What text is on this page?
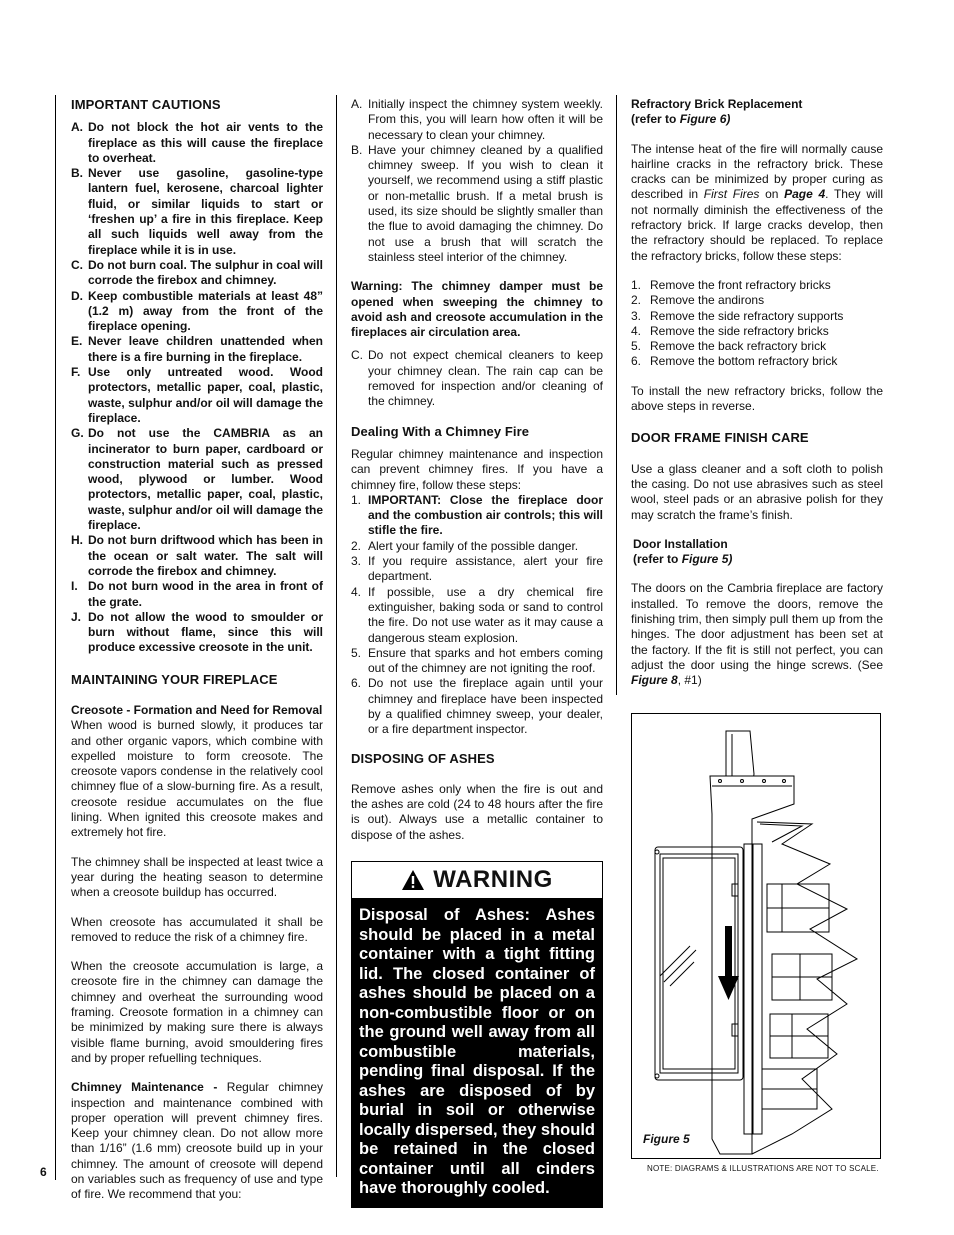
6
IMPORTANT CAUTIONS
A. Do not block the hot air vents to the fireplace as this will cause the fireplace to overheat.
B. Never use gasoline, gasoline-type lantern fuel, kerosene, charcoal lighter fluid, or similar liquids to start or ‘freshen up’ a fire in this fireplace. Keep all such liquids well away from the fireplace while it is in use.
C. Do not burn coal. The sulphur in coal will corrode the firebox and chimney.
D. Keep combustible materials at least 48” (1.2 m) away from the front of the fireplace opening.
E. Never leave children unattended when there is a fire burning in the fireplace.
F. Use only untreated wood. Wood protectors, metallic paper, coal, plastic, waste, sulphur and/or oil will damage the fireplace.
G. Do not use the CAMBRIA as an incinerator to burn paper, cardboard or construction material such as pressed wood, plywood or lumber. Wood protectors, metallic paper, coal, plastic, waste, sulphur and/or oil will damage the fireplace.
H. Do not burn driftwood which has been in the ocean or salt water. The salt will corrode the firebox and chimney.
I. Do not burn wood in the area in front of the grate.
J. Do not allow the wood to smoulder or burn without flame, since this will produce excessive creosote in the unit.
MAINTAINING YOUR FIREPLACE
Creosote - Formation and Need for Removal

When wood is burned slowly, it produces tar and other organic vapors, which combine with expelled moisture to form creosote. The creosote vapors condense in the relatively cool chimney flue of a slow-burning fire. As a result, creosote residue accumulates on the flue lining. When ignited this creosote makes and extremely hot fire.

The chimney shall be inspected at least twice a year during the heating season to determine when a creosote buildup has occurred.

When creosote has accumulated it shall be removed to reduce the risk of a chimney fire.

When the creosote accumulation is large, a creosote fire in the chimney can damage the chimney and overheat the surrounding wood framing. Creosote formation in a chimney can be minimized by making sure there is always visible flame burning, avoid smouldering fires and by proper refuelling techniques.

Chimney Maintenance - Regular chimney inspection and maintenance combined with proper operation will prevent chimney fires. Keep your chimney clean. Do not allow more than 1/16” (1.6 mm) creosote build up in your chimney. The amount of creosote will depend on variables such as frequency of use and type of fire. We recommend that you:

A. Initially inspect the chimney system weekly. From this, you will learn how often it will be necessary to clean your chimney.
B. Have your chimney cleaned by a qualified chimney sweep. If you wish to clean it yourself, we recommend using a stiff plastic or non-metallic brush. If a metal brush is used, its size should be slightly smaller than the flue to avoid damaging the chimney. Do not use a brush that will scratch the stainless steel interior of the chimney.

Warning: The chimney damper must be opened when sweeping the chimney to avoid ash and creosote accumulation in the fireplaces air circulation area.

C. Do not expect chemical cleaners to keep your chimney clean. The rain cap can be removed for inspection and/or cleaning of the chimney.
Dealing With a Chimney Fire

Regular chimney maintenance and inspection can prevent chimney fires. If you have a chimney fire, follow these steps:

1. IMPORTANT: Close the fireplace door and the combustion air controls; this will stifle the fire.
2. Alert your family of the possible danger.
3. If you require assistance, alert your fire department.
4. If possible, use a dry chemical fire extinguisher, baking soda or sand to control the fire. Do not use water as it may cause a dangerous steam explosion.
5. Ensure that sparks and hot embers coming out of the chimney are not igniting the roof.
6. Do not use the fireplace again until your chimney and fireplace have been inspected by a qualified chimney sweep, your dealer, or a fire department inspector.
DISPOSING OF ASHES

Remove ashes only when the fire is out and the ashes are cold (24 to 48 hours after the fire is out). Always use a metallic container to dispose of the ashes.

WARNING
Disposal of Ashes: Ashes should be placed in a metal container with a tight fitting lid. The closed container of ashes should be placed on a non-combustible floor or on the ground well away from all combustible materials, pending final disposal. If the ashes are disposed of by burial in soil or otherwise locally dispersed, they should be retained in the closed container until all cinders have thoroughly cooled.
Refractory Brick Replacement
(refer to Figure 6)

The intense heat of the fire will normally cause hairline cracks in the refractory brick. These cracks can be minimized by proper curing as described in First Fires on Page 4. They will not normally diminish the effectiveness of the refractory brick. If large cracks develop, then the refractory should be replaced. To replace the refractory bricks, follow these steps:

1. Remove the front refractory bricks
2. Remove the andirons
3. Remove the side refractory supports
4. Remove the side refractory bricks
5. Remove the back refractory brick
6. Remove the bottom refractory brick

To install the new refractory bricks, follow the above steps in reverse.

DOOR FRAME FINISH CARE

Use a glass cleaner and a soft cloth to polish the casing. Do not use abrasives such as steel wool, steel pads or an abrasive polish for they may scratch the frame’s finish.

Door Installation
(refer to Figure 5)

The doors on the Cambria fireplace are factory installed. To remove the doors, remove the finishing trim, then simply pull them up from the hinges. The door adjustment has been set at the factory. If the fit is still not perfect, you can adjust the door using the hinge screws. (See Figure 8, #1)

Figure 5
NOTE: DIAGRAMS & ILLUSTRATIONS ARE NOT TO SCALE.
